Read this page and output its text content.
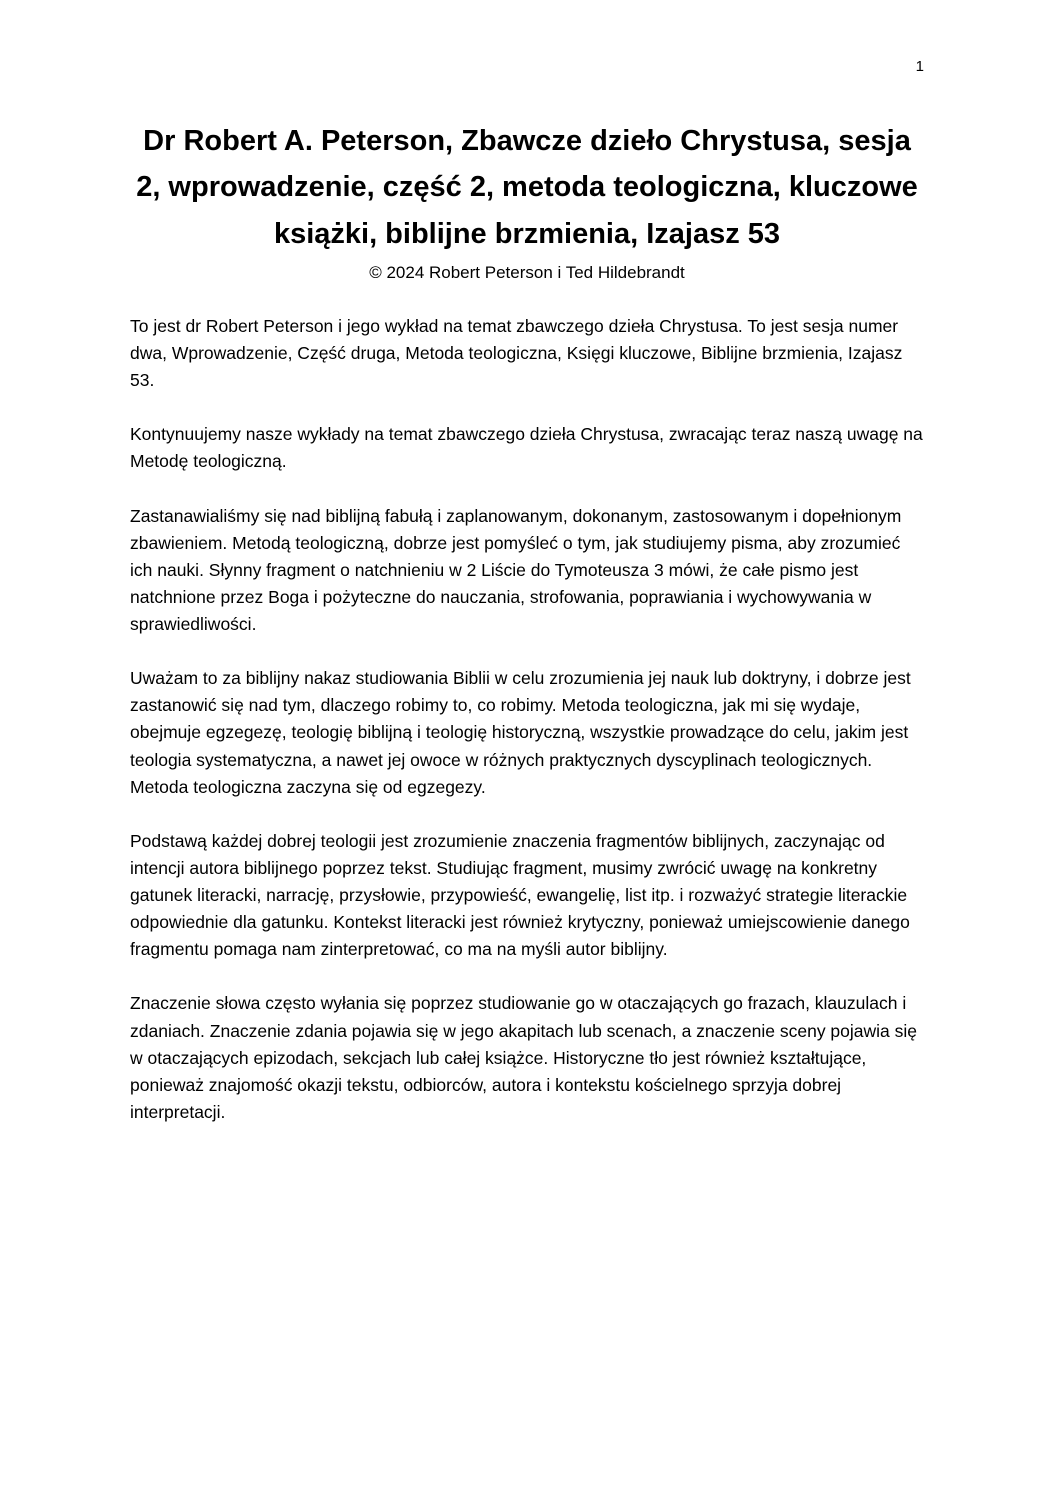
1
Dr Robert A. Peterson, Zbawcze dzieło Chrystusa, sesja 2, wprowadzenie, część 2, metoda teologiczna, kluczowe książki, biblijne brzmienia, Izajasz 53
© 2024 Robert Peterson i Ted Hildebrandt

To jest dr Robert Peterson i jego wykład na temat zbawczego dzieła Chrystusa. To jest sesja numer dwa, Wprowadzenie, Część druga, Metoda teologiczna, Księgi kluczowe, Biblijne brzmienia, Izajasz 53.

Kontynuujemy nasze wykłady na temat zbawczego dzieła Chrystusa, zwracając teraz naszą uwagę na Metodę teologiczną.

Zastanawialiśmy się nad biblijną fabułą i zaplanowanym, dokonanym, zastosowanym i dopełnionym zbawieniem. Metodą teologiczną, dobrze jest pomyśleć o tym, jak studiujemy pisma, aby zrozumieć ich nauki. Słynny fragment o natchnieniu w 2 Liście do Tymoteusza 3 mówi, że całe pismo jest natchnione przez Boga i pożyteczne do nauczania, strofowania, poprawiania i wychowywania w sprawiedliwości.

Uważam to za biblijny nakaz studiowania Biblii w celu zrozumienia jej nauk lub doktryny, i dobrze jest zastanowić się nad tym, dlaczego robimy to, co robimy. Metoda teologiczna, jak mi się wydaje, obejmuje egzegezę, teologię biblijną i teologię historyczną, wszystkie prowadzące do celu, jakim jest teologia systematyczna, a nawet jej owoce w różnych praktycznych dyscyplinach teologicznych. Metoda teologiczna zaczyna się od egzegezy.

Podstawą każdej dobrej teologii jest zrozumienie znaczenia fragmentów biblijnych, zaczynając od intencji autora biblijnego poprzez tekst. Studiując fragment, musimy zwrócić uwagę na konkretny gatunek literacki, narrację, przysłowie, przypowieść, ewangelię, list itp. i rozważyć strategie literackie odpowiednie dla gatunku. Kontekst literacki jest również krytyczny, ponieważ umiejscowienie danego fragmentu pomaga nam zinterpretować, co ma na myśli autor biblijny.

Znaczenie słowa często wyłania się poprzez studiowanie go w otaczających go frazach, klauzulach i zdaniach. Znaczenie zdania pojawia się w jego akapitach lub scenach, a znaczenie sceny pojawia się w otaczających epizodach, sekcjach lub całej książce. Historyczne tło jest również kształtujące, ponieważ znajomość okazji tekstu, odbiorców, autora i kontekstu kościelnego sprzyja dobrej interpretacji.
